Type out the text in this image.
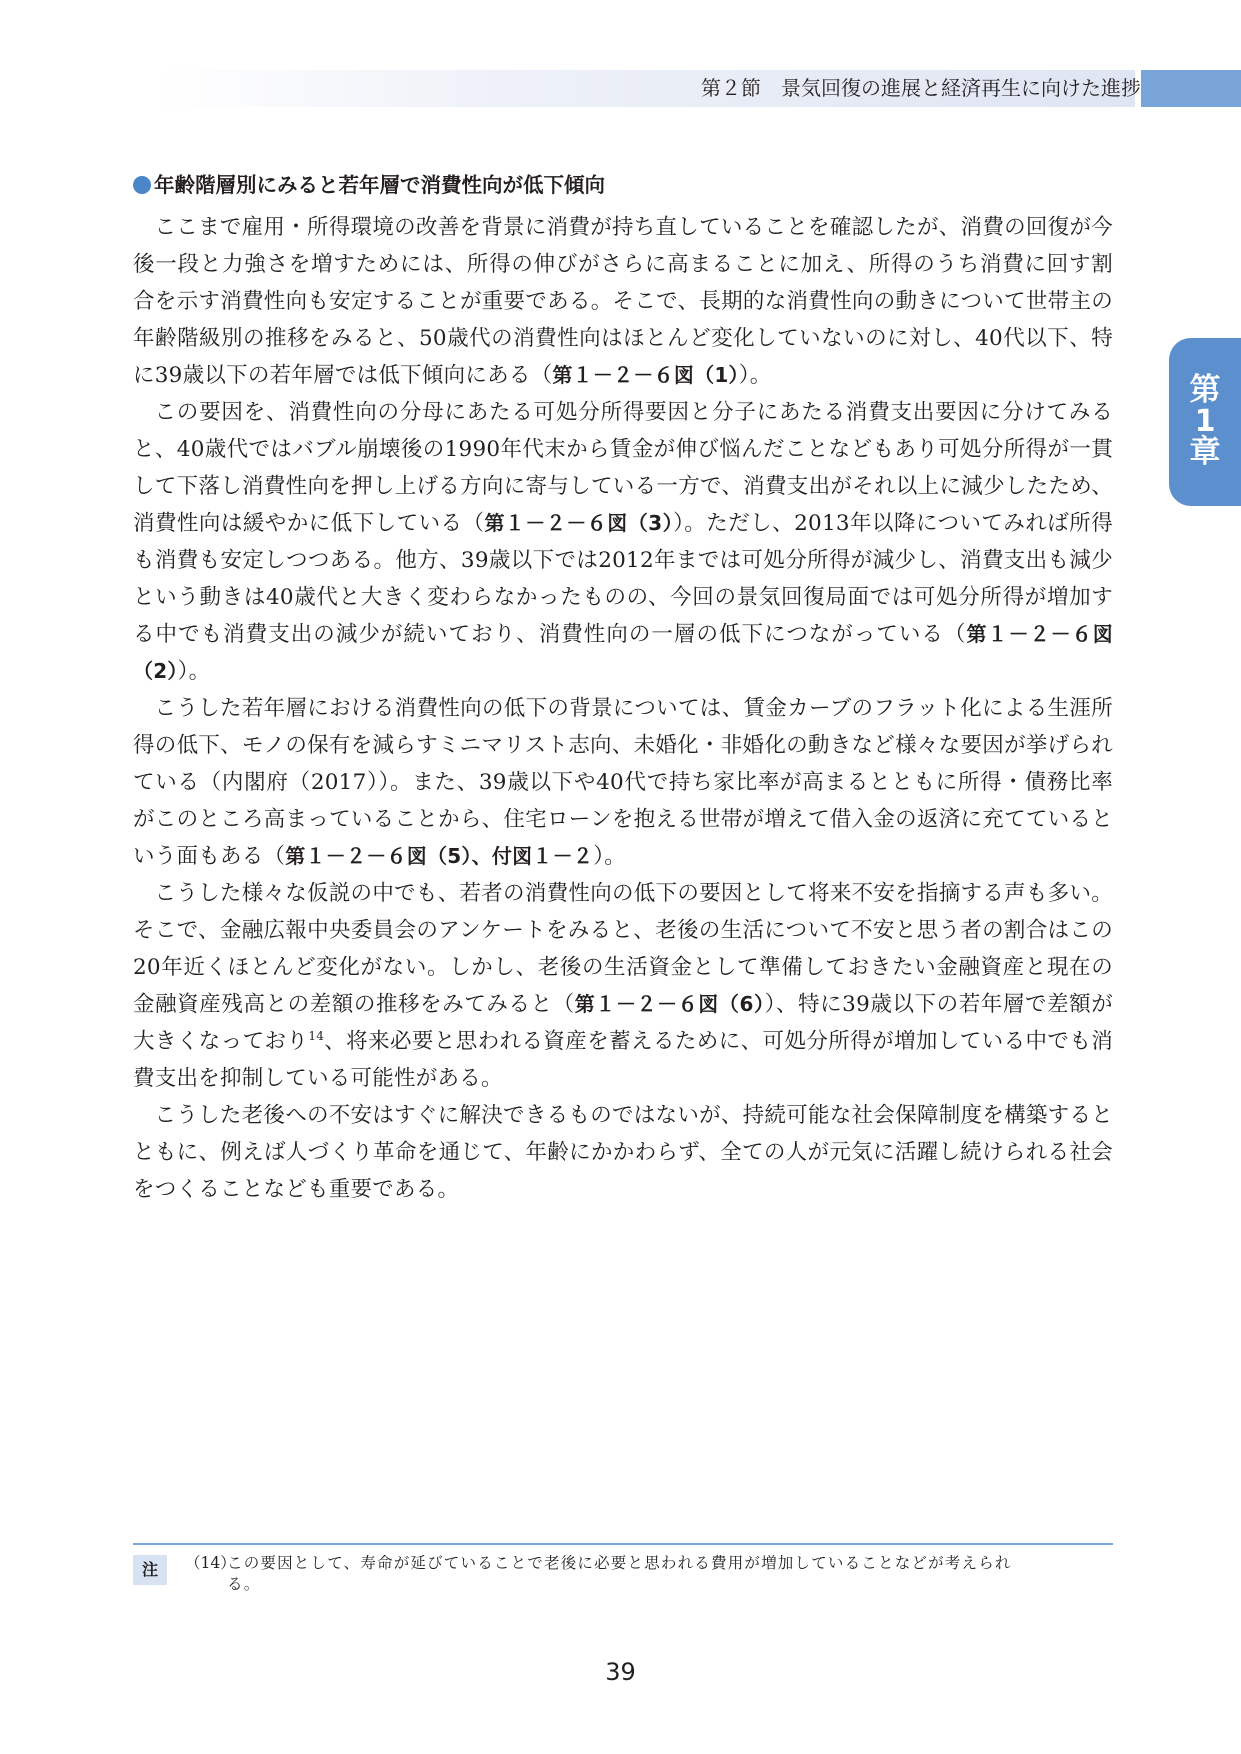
第２節　景気回復の進展と経済再生に向けた進捗
第
1
章
年齢階層別にみると若年層で消費性向が低下傾向

ここまで雇用・所得環境の改善を背景に消費が持ち直していることを確認したが、消費の回復が今後一段と力強さを増すためには、所得の伸びがさらに高まることに加え、所得のうち消費に回す割合を示す消費性向も安定することが重要である。そこで、長期的な消費性向の動きについて世帯主の年齢階級別の推移をみると、50歳代の消費性向はほとんど変化していないのに対し、40代以下、特に39歳以下の若年層では低下傾向にある（第１－２－６図（1））。

この要因を、消費性向の分母にあたる可処分所得要因と分子にあたる消費支出要因に分けてみると、40歳代ではバブル崩壊後の1990年代末から賃金が伸び悩んだことなどもあり可処分所得が一貫して下落し消費性向を押し上げる方向に寄与している一方で、消費支出がそれ以上に減少したため、消費性向は緩やかに低下している（第１－２－６図（3））。ただし、2013年以降についてみれば所得も消費も安定しつつある。他方、39歳以下では2012年までは可処分所得が減少し、消費支出も減少という動きは40歳代と大きく変わらなかったものの、今回の景気回復局面では可処分所得が増加する中でも消費支出の減少が続いており、消費性向の一層の低下につながっている（第１－２－６図（2））。

こうした若年層における消費性向の低下の背景については、賃金カーブのフラット化による生涯所得の低下、モノの保有を減らすミニマリスト志向、未婚化・非婚化の動きなど様々な要因が挙げられている（内閣府（2017））。また、39歳以下や40代で持ち家比率が高まるとともに所得・債務比率がこのところ高まっていることから、住宅ローンを抱える世帯が増えて借入金の返済に充てているという面もある（第１－２－６図（5）、付図１－２）。

こうした様々な仮説の中でも、若者の消費性向の低下の要因として将来不安を指摘する声も多い。そこで、金融広報中央委員会のアンケートをみると、老後の生活について不安と思う者の割合はこの20年近くほとんど変化がない。しかし、老後の生活資金として準備しておきたい金融資産と現在の金融資産残高との差額の推移をみてみると（第１－２－６図（6））、特に39歳以下の若年層で差額が大きくなっており$^{14}$、将来必要と思われる資産を蓄えるために、可処分所得が増加している中でも消費支出を抑制している可能性がある。

こうした老後への不安はすぐに解決できるものではないが、持続可能な社会保障制度を構築するとともに、例えば人づくり革命を通じて、年齢にかかわらず、全ての人が元気に活躍し続けられる社会をつくることなども重要である。

注	（14）この要因として、寿命が延びていることで老後に必要と思われる費用が増加していることなどが考えられ
る。
39
